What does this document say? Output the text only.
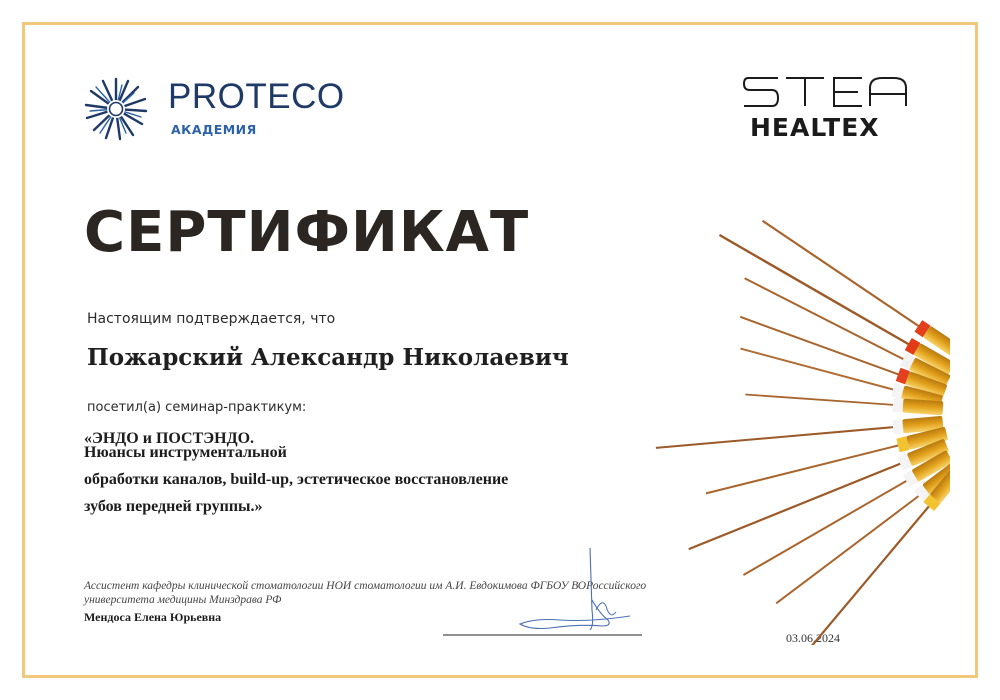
PROTECO
АКАДЕМИЯ	HEALTEX
СЕРТИФИКАТ
Настоящим подтверждается, что
Пожарский Александр Николаевич
посетил(а) семинар-практикум:
«ЭНДО и ПОСТЭНДО.
Нюансы инструментальной
обработки каналов, build-up, эстетическое восстановление
зубов передней группы.»
Ассистент кафедры клинической стоматологии НОИ стоматологии им А.И. Евдокимова ФГБОУ ВОРоссийского
университета медицины Минздрава РФ
Мендоса Елена Юрьевна
03.06.2024
